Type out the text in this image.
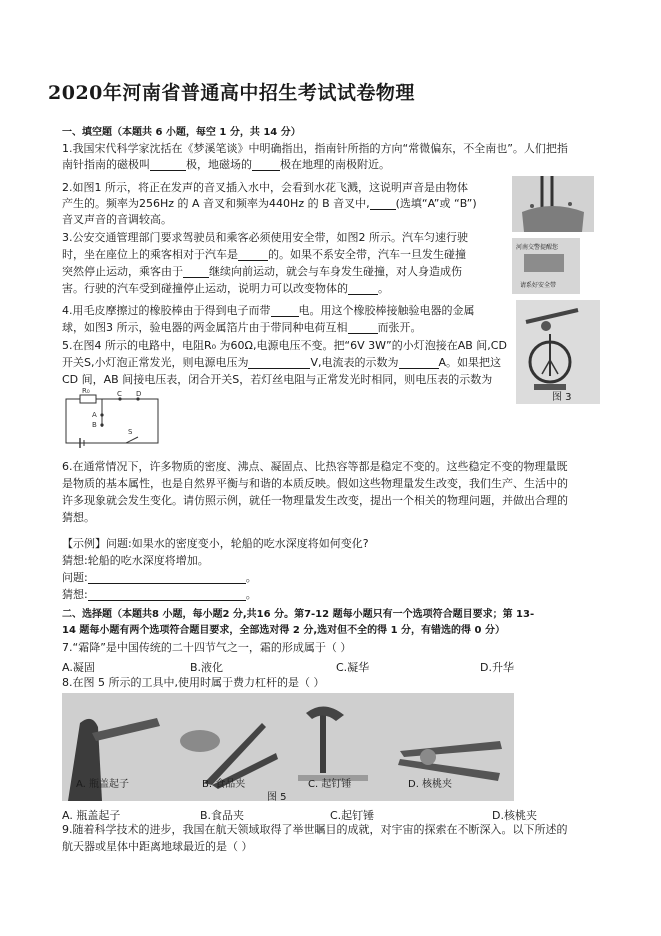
2020年河南省普通高中招生考试试卷物理
一、填空题（本题共 6 小题，每空 1 分，共 14 分）
1.我国宋代科学家沈括在《梦溪笔谈》中明确指出，指南针所指的方向“常微偏东，不全南也”。人们把指
南针指南的磁极叫	极，地磁场的	极在地理的南极附近。
2.如图1 所示，将正在发声的音叉插入水中，会看到水花飞溅，这说明声音是由物体
产生的。频率为256Hz 的 A 音叉和频率为440Hz 的 B 音叉中, (选填“A”或 “B”)
音叉声音的音调较高。
3.公安交通管理部门要求驾驶员和乘客必须使用安全带，如图2 所示。汽车匀速行驶
时，坐在座位上的乘客相对于汽车是	的。如果不系安全带，汽车一旦发生碰撞
突然停止运动，乘客由于 继续向前运动，就会与车身发生碰撞，对人身造成伤
害。行驶的汽车受到碰撞停止运动，说明力可以改变物体的	。
4.用毛皮摩擦过的橡胶棒由于得到电子而带	电。用这个橡胶棒接触验电器的金属
球，如图3 所示，验电器的两金属箔片由于带同种电荷互相	而张开。
5.在图4 所示的电路中，电阻R₀ 为60Ω,电源电压不变。把“6V 3W”的小灯泡接在AB 间,CD
开关S,小灯泡正常发光，则电源电压为	V,电流表的示数为	A。如果把这
CD 间，AB 间接电压表，闭合开关S，若灯丝电阻与正常发光时相同，则电压表的示数为
R₀	C D
A
B
S
6.在通常情况下，许多物质的密度、沸点、凝固点、比热容等都是稳定不变的。这些稳定不变的物理量既
是物质的基本属性，也是自然界平衡与和谐的本质反映。假如这些物理量发生改变，我们生产、生活中的
许多现象就会发生变化。请仿照示例，就任一物理量发生改变，提出一个相关的物理问题，并做出合理的
猜想。
【示例】问题:如果水的密度变小，轮船的吃水深度将如何变化?
猜想:轮船的吃水深度将增加。
问题:	。
猜想:	。
二、选择题（本题共8 小题，每小题2 分,共16 分。第7-12 题每小题只有一个选项符合题目要求；第 13-
14 题每小题有两个选项符合题目要求，全部选对得 2 分,选对但不全的得 1 分，有错选的得 0 分）
7.“霜降”是中国传统的二十四节气之一，霜的形成属于（ ）
A.凝固	B.液化	C.凝华	D.升华
8.在图 5 所示的工具中,使用时属于费力杠杆的是（ ）
A. 瓶盖起子	B. 食品夹	C. 起钉锤	D. 核桃夹
图 5
A. 瓶盖起子	B.食品夹	C.起钉锤	D.核桃夹
9.随着科学技术的进步，我国在航天领域取得了举世瞩目的成就，对宇宙的探索在不断深入。以下所述的
航天器或星体中距离地球最近的是（ ）
河南交警提醒您
请系好安全带
图 3
